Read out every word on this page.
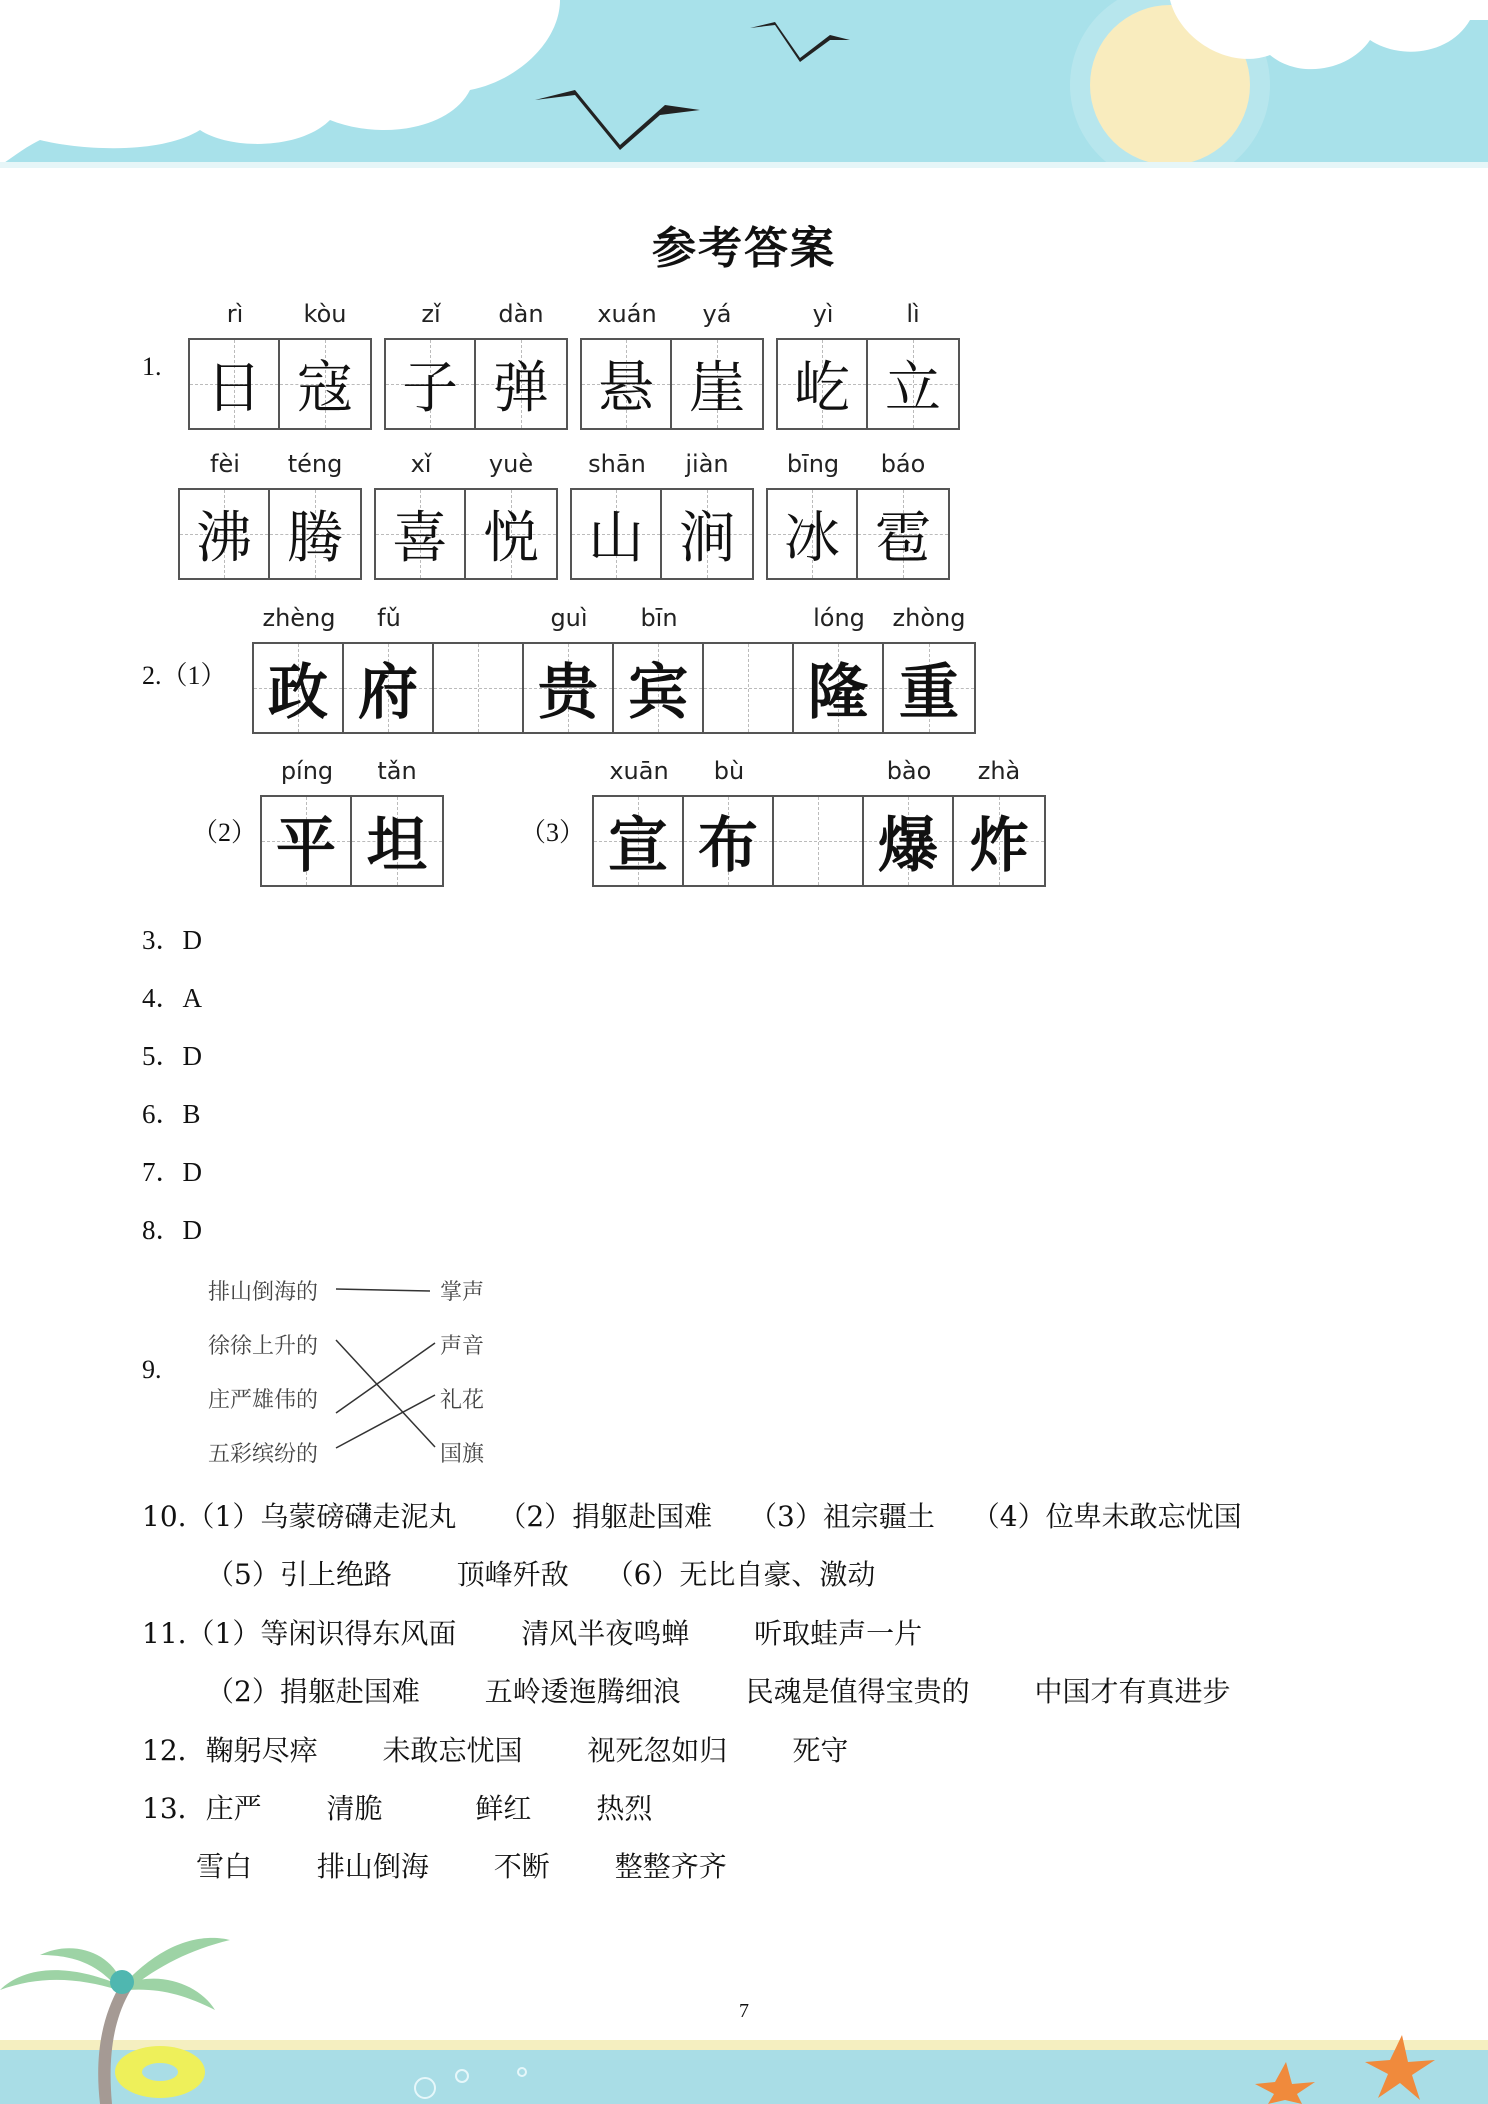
参考答案
1.
rì	kòu
日 寇
zǐ	dàn
子 弹
xuán	yá
悬 崖
yì	lì
屹 立
fèi	téng
沸 腾
xǐ	yuè
喜 悦
shān	jiàn
山 涧
bīng	báo
冰 雹
2.（1）
zhèng	fǔ	guì	bīn	lóng	zhòng
政 府 贵 宾 隆 重
（2）
píng	tǎn
平 坦	（3）
xuān	bù	bào	zhà
宣 布 爆 炸
3．D
4．A
5．D
6．B
7．D
8．D
9.
排山倒海的
徐徐上升的
庄严雄伟的
五彩缤纷的
掌声
声音
礼花
国旗
10.（1）乌蒙磅礴走泥丸　　（2）捐躯赴国难　 （3）祖宗疆土　 （4）位卑未敢忘忧国
（5）引上绝路　　 顶峰歼敌　 （6）无比自豪、激动
11.（1）等闲识得东风面　　 清风半夜鸣蝉　　 听取蛙声一片
（2）捐躯赴国难　　 五岭逶迤腾细浪　　 民魂是值得宝贵的　　 中国才有真进步
12．鞠躬尽瘁　　 未敢忘忧国　　 视死忽如归　　 死守
13．庄严　　 清脆　　　 鲜红　　 热烈
雪白　　 排山倒海　　 不断　　 整整齐齐
7
